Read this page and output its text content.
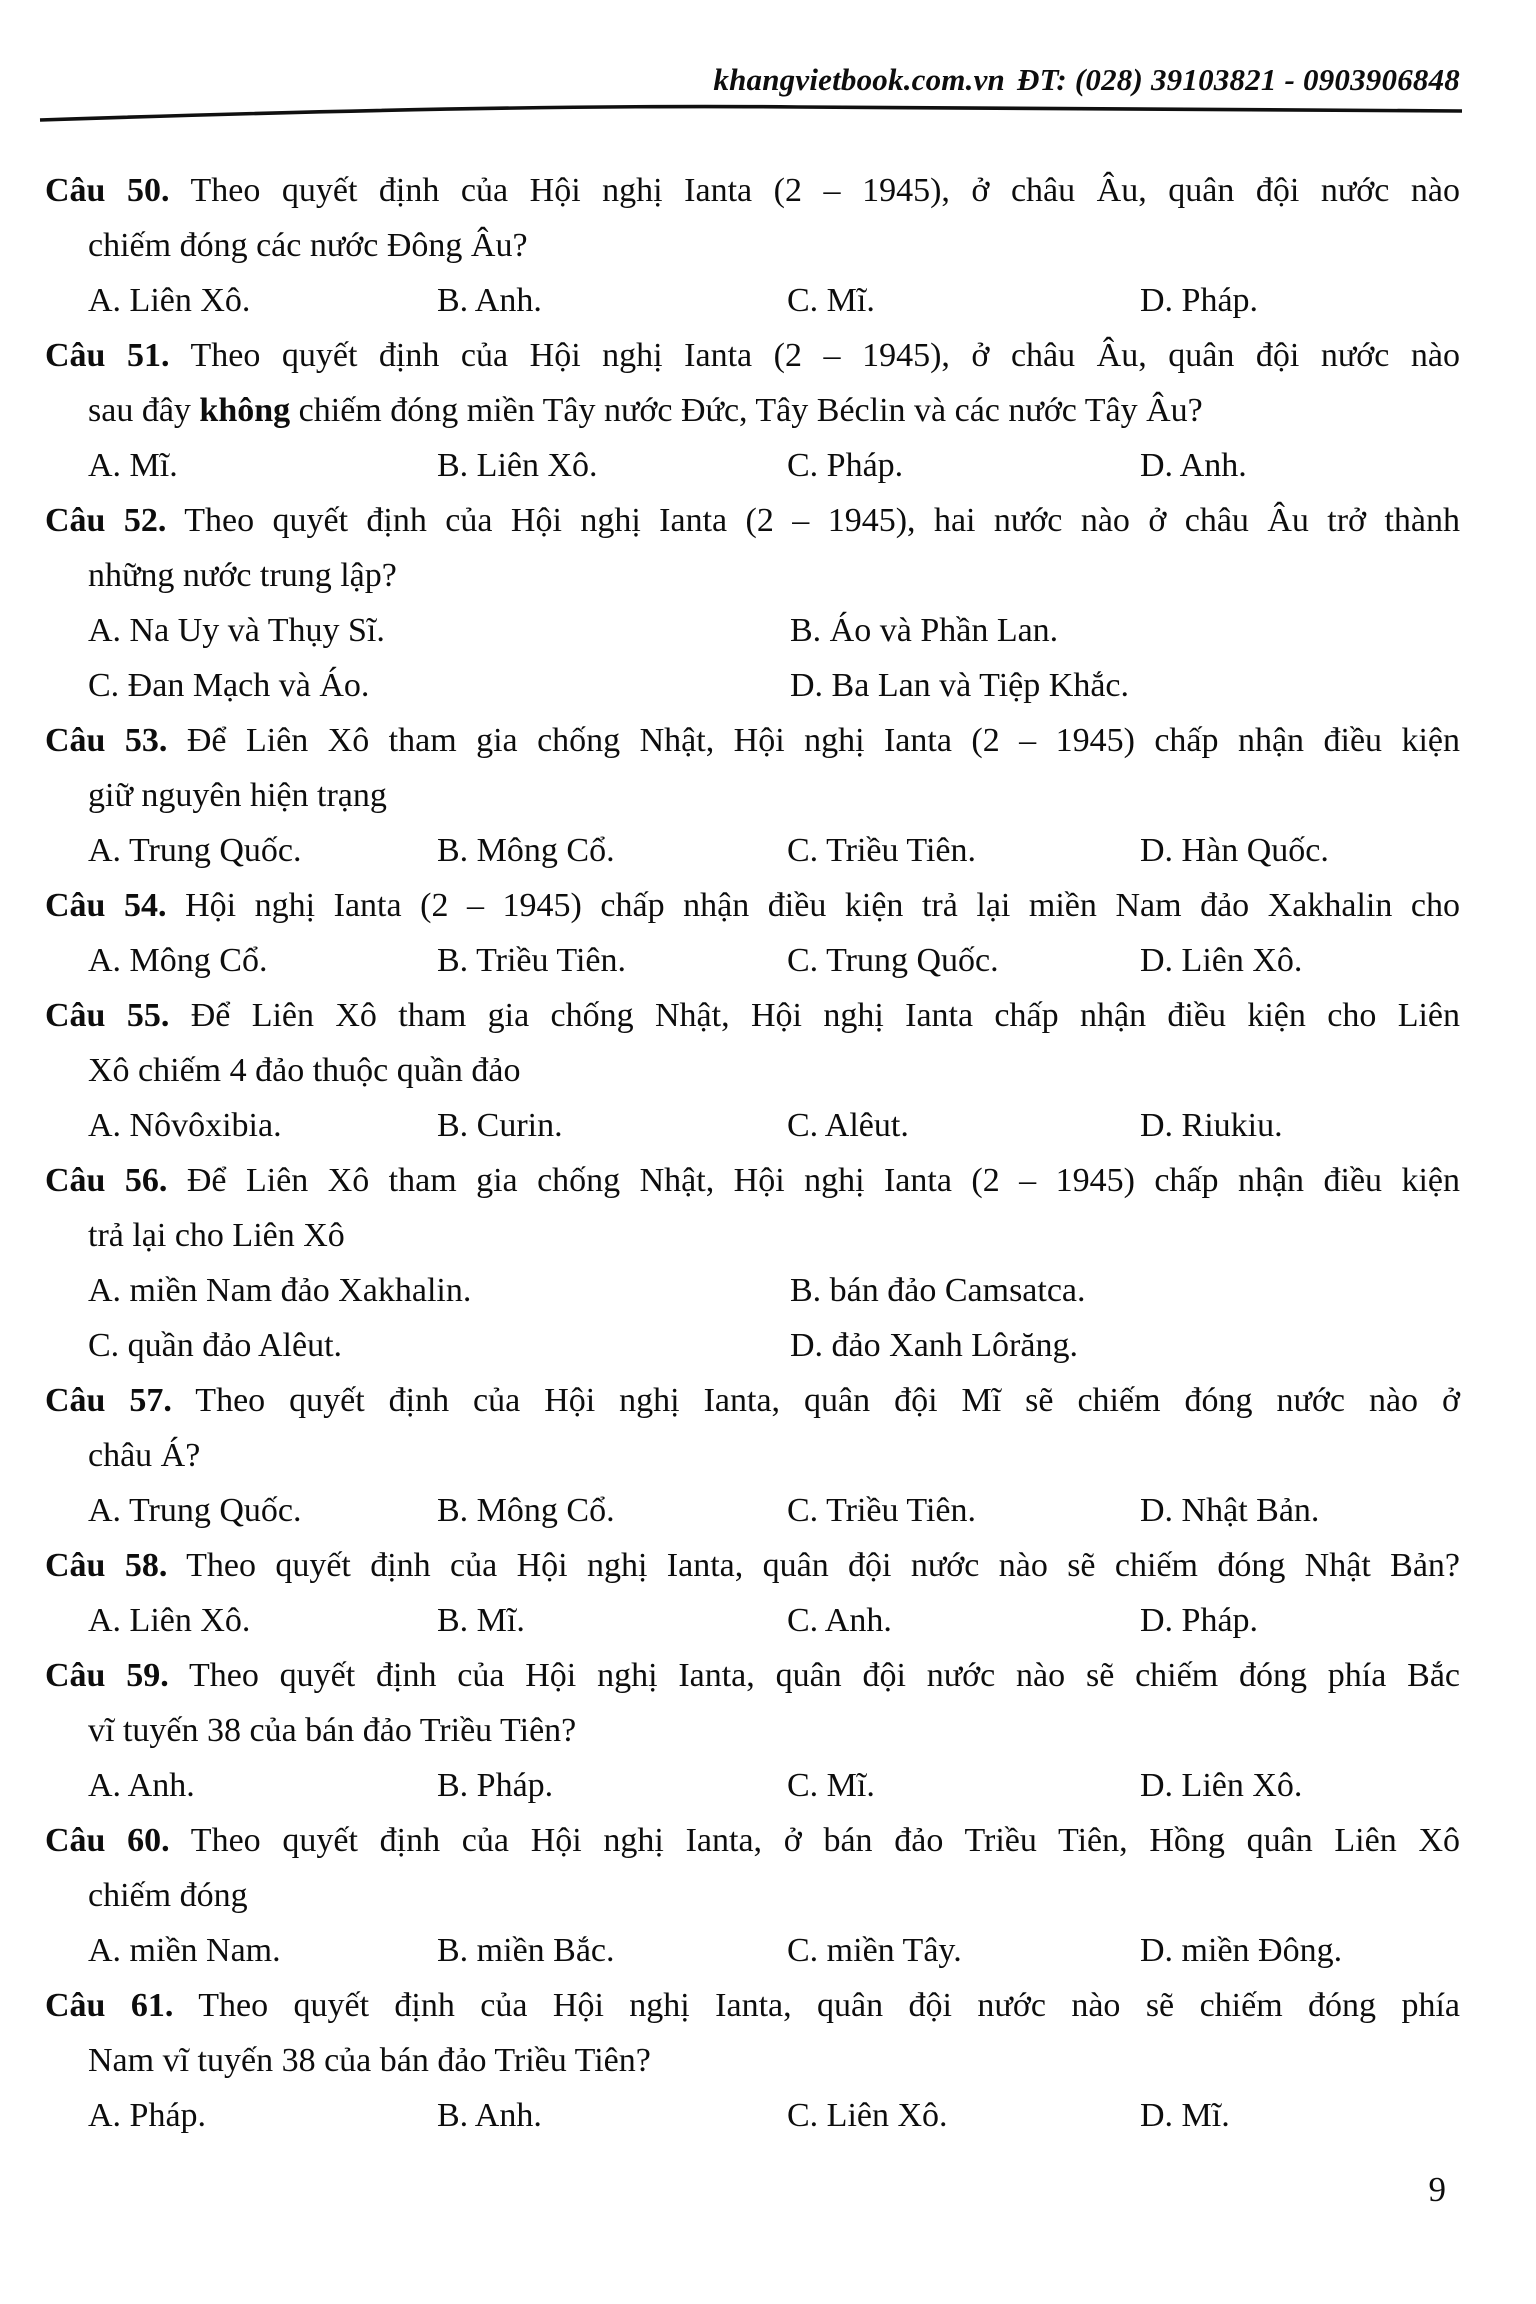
khangvietbook.com.vn ĐT: (028) 39103821 - 0903906848
Câu 50. Theo quyết định của Hội nghị Ianta (2 – 1945), ở châu Âu, quân đội nước nào
chiếm đóng các nước Đông Âu?
A. Liên Xô.	B. Anh.	C. Mĩ.	D. Pháp.
Câu 51. Theo quyết định của Hội nghị Ianta (2 – 1945), ở châu Âu, quân đội nước nào
sau đây không chiếm đóng miền Tây nước Đức, Tây Béclin và các nước Tây Âu?
A. Mĩ.	B. Liên Xô.	C. Pháp.	D. Anh.
Câu 52. Theo quyết định của Hội nghị Ianta (2 – 1945), hai nước nào ở châu Âu trở thành
những nước trung lập?
A. Na Uy và Thụy Sĩ.	B. Áo và Phần Lan.
C. Đan Mạch và Áo.	D. Ba Lan và Tiệp Khắc.
Câu 53. Để Liên Xô tham gia chống Nhật, Hội nghị Ianta (2 – 1945) chấp nhận điều kiện
giữ nguyên hiện trạng
A. Trung Quốc.	B. Mông Cổ.	C. Triều Tiên.	D. Hàn Quốc.
Câu 54. Hội nghị Ianta (2 – 1945) chấp nhận điều kiện trả lại miền Nam đảo Xakhalin cho
A. Mông Cổ.	B. Triều Tiên.	C. Trung Quốc.	D. Liên Xô.
Câu 55. Để Liên Xô tham gia chống Nhật, Hội nghị Ianta chấp nhận điều kiện cho Liên
Xô chiếm 4 đảo thuộc quần đảo
A. Nôvôxibia.	B. Curin.	C. Alêut.	D. Riukiu.
Câu 56. Để Liên Xô tham gia chống Nhật, Hội nghị Ianta (2 – 1945) chấp nhận điều kiện
trả lại cho Liên Xô
A. miền Nam đảo Xakhalin.	B. bán đảo Camsatca.
C. quần đảo Alêut.	D. đảo Xanh Lôrăng.
Câu 57. Theo quyết định của Hội nghị Ianta, quân đội Mĩ sẽ chiếm đóng nước nào ở
châu Á?
A. Trung Quốc.	B. Mông Cổ.	C. Triều Tiên.	D. Nhật Bản.
Câu 58. Theo quyết định của Hội nghị Ianta, quân đội nước nào sẽ chiếm đóng Nhật Bản?
A. Liên Xô.	B. Mĩ.	C. Anh.	D. Pháp.
Câu 59. Theo quyết định của Hội nghị Ianta, quân đội nước nào sẽ chiếm đóng phía Bắc
vĩ tuyến 38 của bán đảo Triều Tiên?
A. Anh.	B. Pháp.	C. Mĩ.	D. Liên Xô.
Câu 60. Theo quyết định của Hội nghị Ianta, ở bán đảo Triều Tiên, Hồng quân Liên Xô
chiếm đóng
A. miền Nam.	B. miền Bắc.	C. miền Tây.	D. miền Đông.
Câu 61. Theo quyết định của Hội nghị Ianta, quân đội nước nào sẽ chiếm đóng phía
Nam vĩ tuyến 38 của bán đảo Triều Tiên?
A. Pháp.	B. Anh.	C. Liên Xô.	D. Mĩ.
9
